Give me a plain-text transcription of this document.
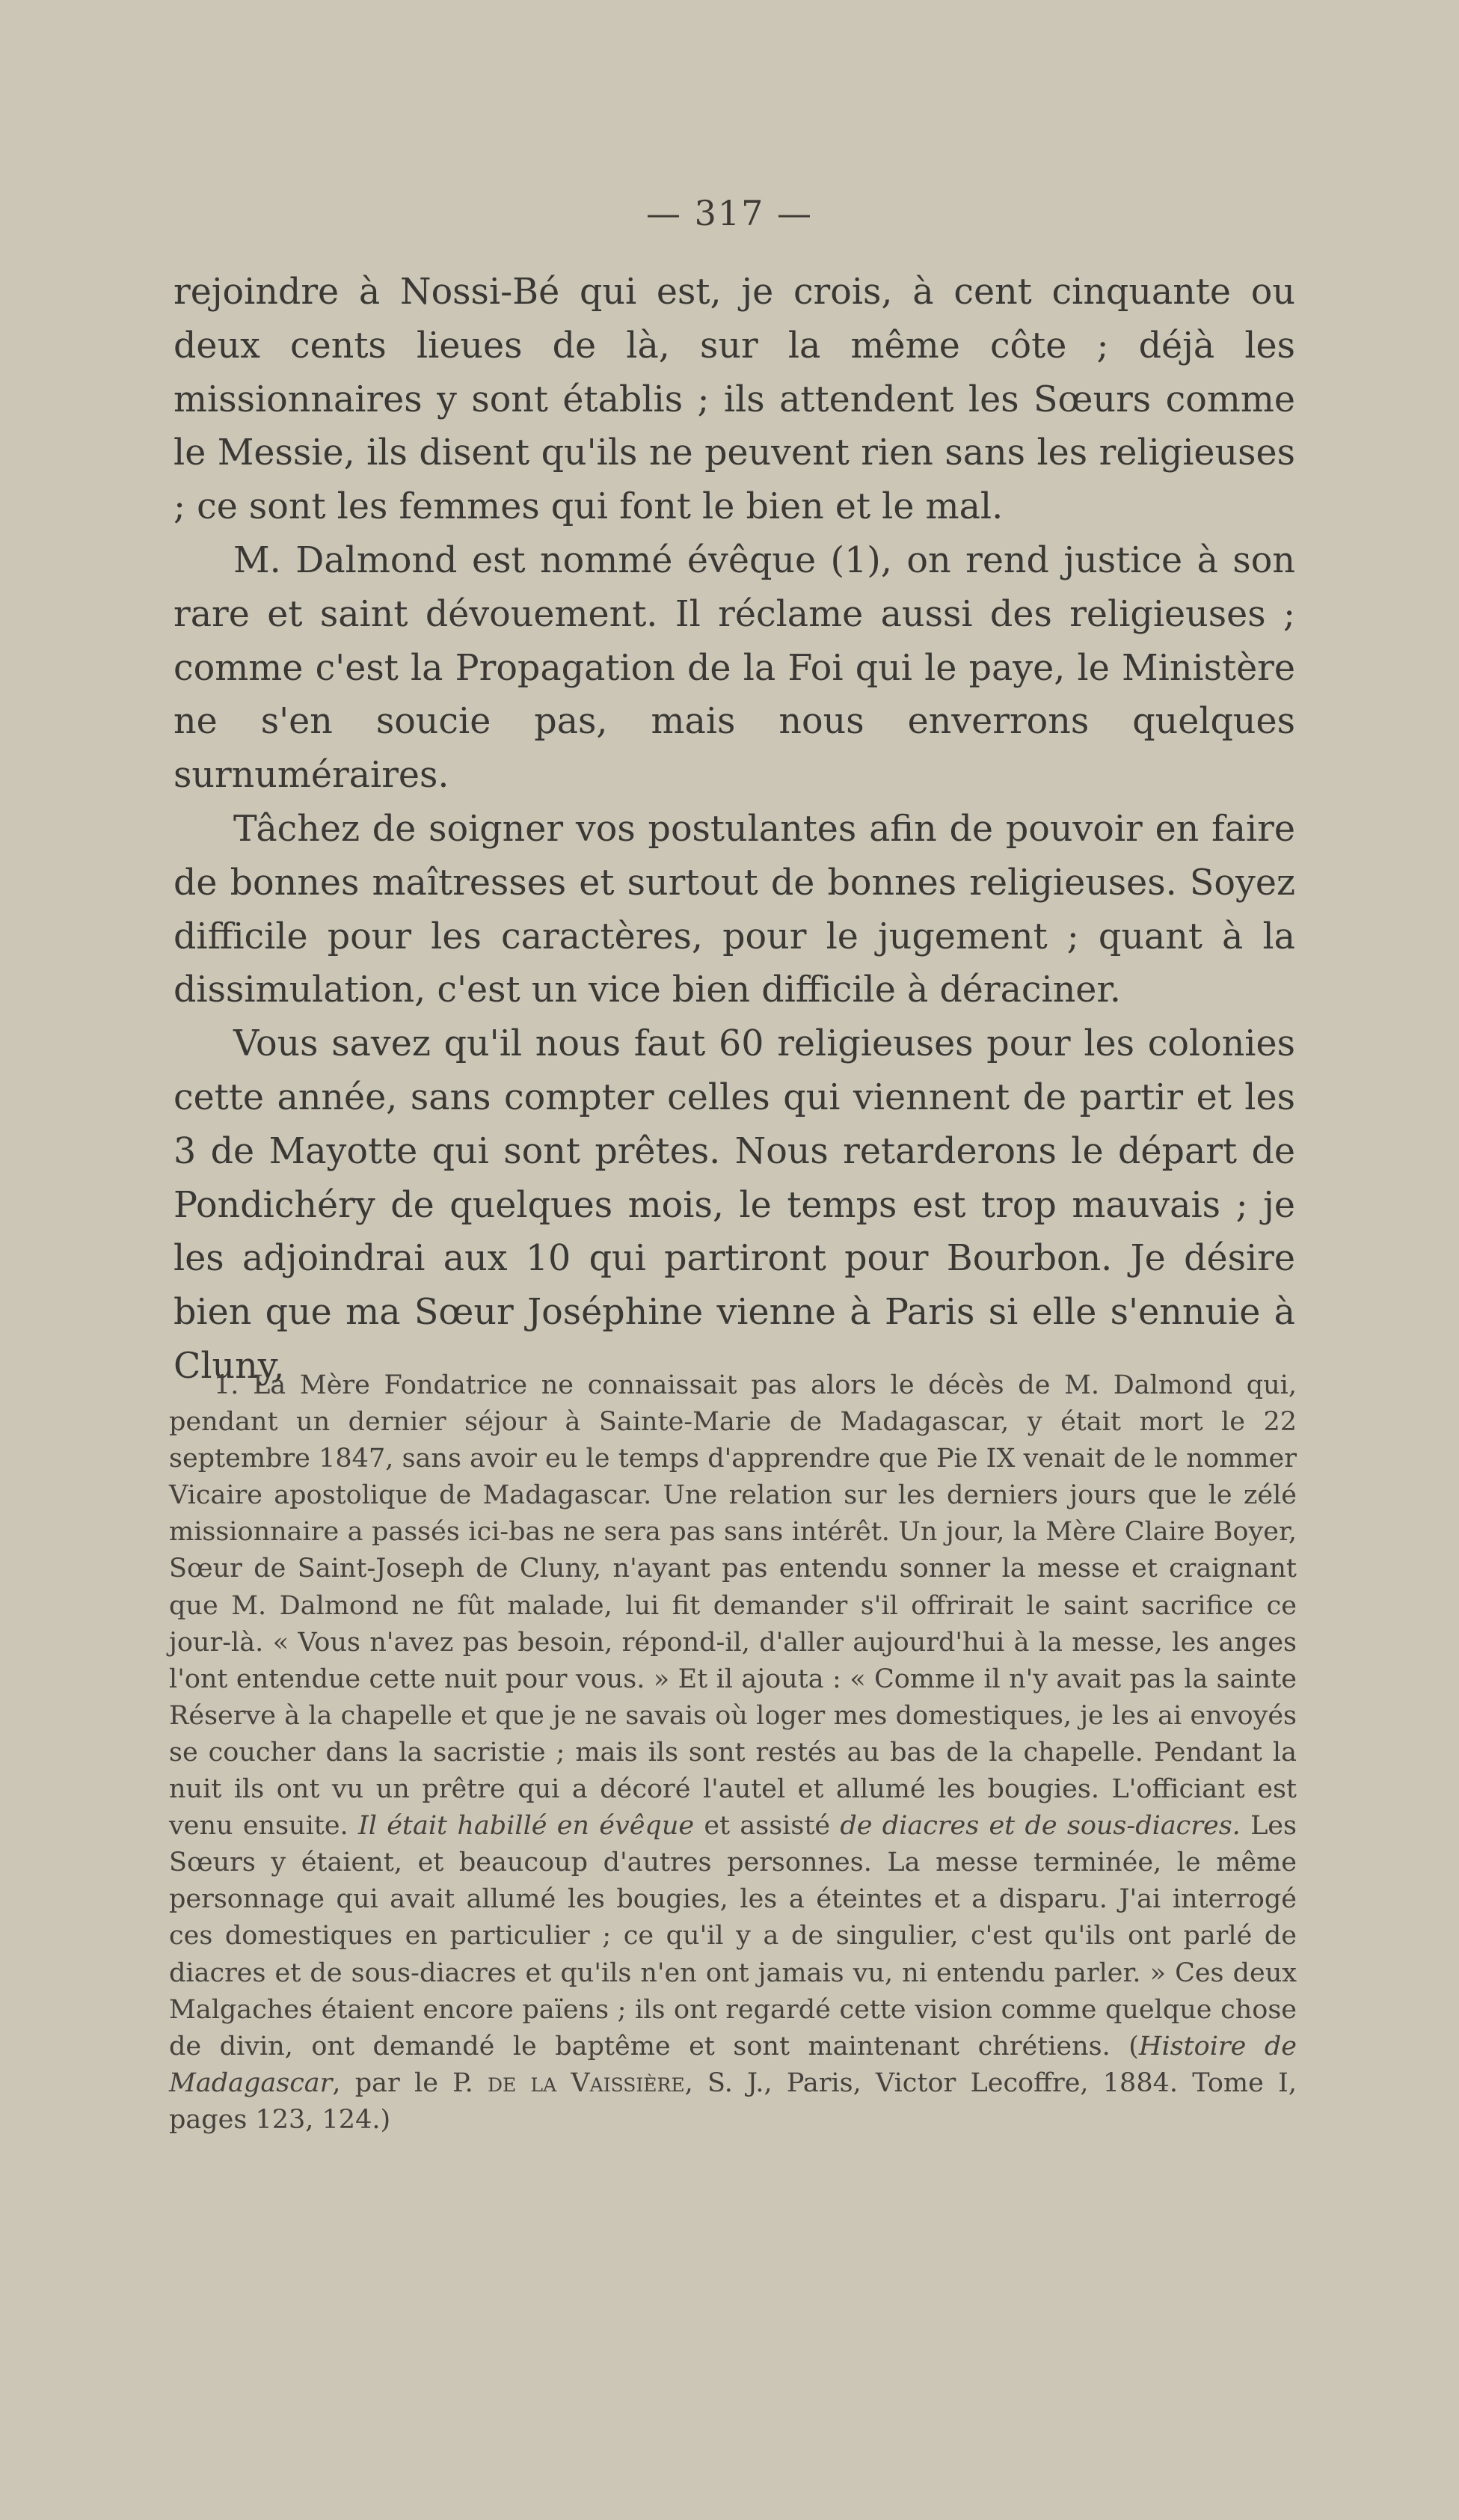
— 317 —

rejoindre à Nossi-Bé qui est, je crois, à cent cinquante ou deux cents lieues de là, sur la même côte ; déjà les missionnaires y sont établis ; ils attendent les Sœurs comme le Messie, ils disent qu'ils ne peuvent rien sans les religieuses ; ce sont les femmes qui font le bien et le mal.

M. Dalmond est nommé évêque (1), on rend justice à son rare et saint dévouement. Il réclame aussi des religieuses ; comme c'est la Propagation de la Foi qui le paye, le Ministère ne s'en soucie pas, mais nous enverrons quelques surnuméraires.

Tâchez de soigner vos postulantes afin de pouvoir en faire de bonnes maîtresses et surtout de bonnes religieuses. Soyez difficile pour les caractères, pour le jugement ; quant à la dissimulation, c'est un vice bien difficile à déraciner.

Vous savez qu'il nous faut 60 religieuses pour les colonies cette année, sans compter celles qui viennent de partir et les 3 de Mayotte qui sont prêtes. Nous retarderons le départ de Pondichéry de quelques mois, le temps est trop mauvais ; je les adjoindrai aux 10 qui partiront pour Bourbon. Je désire bien que ma Sœur Joséphine vienne à Paris si elle s'ennuie à Cluny,

1. La Mère Fondatrice ne connaissait pas alors le décès de M. Dalmond qui, pendant un dernier séjour à Sainte-Marie de Madagascar, y était mort le 22 septembre 1847, sans avoir eu le temps d'apprendre que Pie IX venait de le nommer Vicaire apostolique de Madagascar. Une relation sur les derniers jours que le zélé missionnaire a passés ici-bas ne sera pas sans intérêt. Un jour, la Mère Claire Boyer, Sœur de Saint-Joseph de Cluny, n'ayant pas entendu sonner la messe et craignant que M. Dalmond ne fût malade, lui fit demander s'il offrirait le saint sacrifice ce jour-là. « Vous n'avez pas besoin, répond-il, d'aller aujourd'hui à la messe, les anges l'ont entendue cette nuit pour vous. » Et il ajouta : « Comme il n'y avait pas la sainte Réserve à la chapelle et que je ne savais où loger mes domestiques, je les ai envoyés se coucher dans la sacristie ; mais ils sont restés au bas de la chapelle. Pendant la nuit ils ont vu un prêtre qui a décoré l'autel et allumé les bougies. L'officiant est venu ensuite. Il était habillé en évêque et assisté de diacres et de sous-diacres. Les Sœurs y étaient, et beaucoup d'autres personnes. La messe terminée, le même personnage qui avait allumé les bougies, les a éteintes et a disparu. J'ai interrogé ces domestiques en particulier ; ce qu'il y a de singulier, c'est qu'ils ont parlé de diacres et de sous-diacres et qu'ils n'en ont jamais vu, ni entendu parler. » Ces deux Malgaches étaient encore païens ; ils ont regardé cette vision comme quelque chose de divin, ont demandé le baptême et sont maintenant chrétiens. (Histoire de Madagascar, par le P. de la Vaissière, S. J., Paris, Victor Lecoffre, 1884. Tome I, pages 123, 124.)
